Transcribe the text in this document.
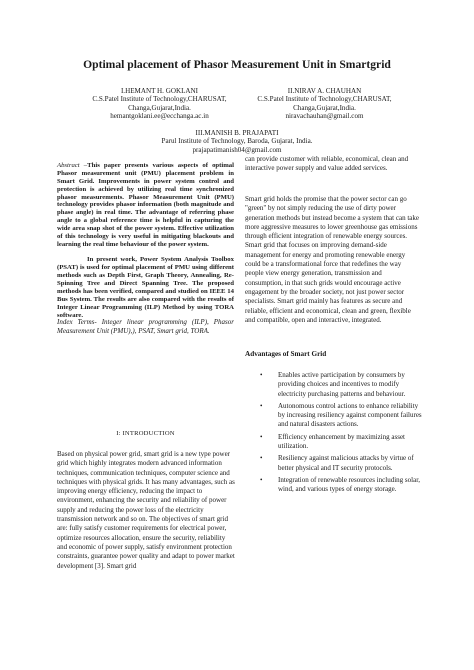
Optimal placement of Phasor Measurement Unit in Smartgrid
I.HEMANT H. GOKLANI
C.S.Patel Institute of Technology,CHARUSAT,
Changa,Gujarat,India.
hemantgoklani.ee@ecchanga.ac.in
II.NIRAV A. CHAUHAN
C.S.Patel Institute of Technology,CHARUSAT,
Changa,Gujarat,India.
niravachauhan@gmail.com
III.MANISH B. PRAJAPATI
Parul Institute of Technology, Baroda, Gujarat, India.
prajapatimanish04@gmail.com

Abstract –This paper presents various aspects of optimal Phasor measurement unit (PMU) placement problem in Smart Grid. Improvements in power system control and protection is achieved by utilizing real time synchronized phasor measurements. Phasor Measurement Unit (PMU) technology provides phasor information (both magnitude and phase angle) in real time. The advantage of referring phase angle to a global reference time is helpful in capturing the wide area snap shot of the power system. Effective utilization of this technology is very useful in mitigating blackouts and learning the real time behaviour of the power system.

In present work, Power System Analysis Toolbox (PSAT) is used for optimal placement of PMU using different methods such as Depth First, Graph Theory, Annealing, Re-Spinning Tree and Direct Spanning Tree. The proposed methods has been verified, compared and studied on IEEE 14 Bus System. The results are also compared with the results of Integer Linear Programming (ILP) Method by using TORA software.

Index Terms- Integer linear programming (ILP), Phasor Measurement Unit (PMU),), PSAT, Smart grid, TORA.
I: INTRODUCTION

Based on physical power grid, smart grid is a new type power grid which highly integrates modern advanced information techniques, communication techniques, computer science and techniques with physical grids. It has many advantages, such as improving energy efficiency, reducing the impact to environment, enhancing the security and reliability of power supply and reducing the power loss of the electricity transmission network and so on. The objectives of smart grid are: fully satisfy customer requirements for electrical power, optimize resources allocation, ensure the security, reliability and economic of power supply, satisfy environment protection constraints, guarantee power quality and adapt to power market development [3]. Smart grid

can provide customer with reliable, economical, clean and interactive power supply and value added services.
Smart grid holds the promise that the power sector can go "green" by not simply reducing the use of dirty power generation methods but instead become a system that can take more aggressive measures to lower greenhouse gas emissions through efficient integration of renewable energy sources. Smart grid that focuses on improving demand-side management for energy and promoting renewable energy could be a transformational force that redefines the way people view energy generation, transmission and consumption, in that such grids would encourage active engagement by the broader society, not just power sector specialists. Smart grid mainly has features as secure and reliable, efficient and economical, clean and green, flexible and compatible, open and interactive, integrated.
Advantages of Smart Grid
• Enables active participation by consumers by providing choices and incentives to modify electricity purchasing patterns and behaviour.
• Autonomous control actions to enhance reliability by increasing resiliency against component failures and natural disasters actions.
• Efficiency enhancement by maximizing asset utilization.
• Resiliency against malicious attacks by virtue of better physical and IT security protocols.
• Integration of renewable resources including solar, wind, and various types of energy storage.
